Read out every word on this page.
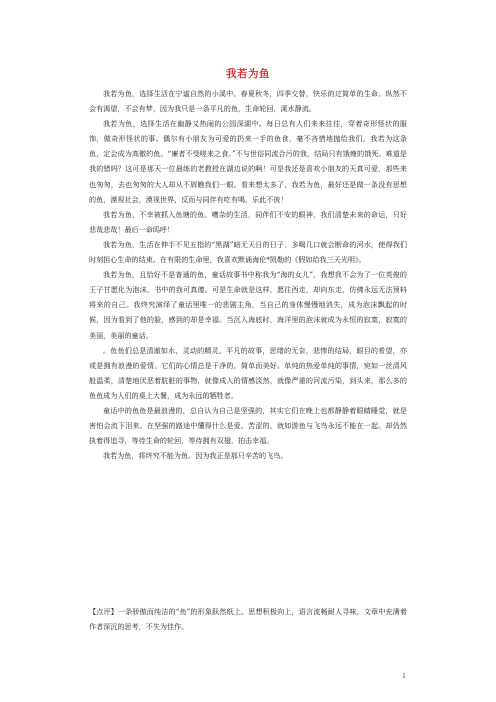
我若为鱼

我若为鱼，选择生活在宁谧自然的小溪中。春夏秋冬，四季交替，快乐的过简单的生命。纵然不会有渴望，不会有梦，因为我只是一条平凡的鱼，生命轮回，溪水静流。

我若为鱼，选择生活在幽静又热闹的公园深湖中。每日总有人们来来往往，穿着奇形怪状的服饰，做奇形怪状的事。偶尔有小朋友为可爱的扔来一手的鱼食，毫不吝惜地抛给我们。我若为这条鱼，定会成为高傲的鱼。“廉者不受嗟来之食。”不与世俗同流合污的我，结局只有饿瘦的饿死。难道是我的错吗？这可是那天一位晨练的老教授在湖边说的啊！可是我还是喜欢小朋友的天真可爱，那些来也匆匆，去也匆匆的大人却从不屑瞧我们一眼。看来想太多了，我若为鱼，最好还是做一条没有思想的鱼，漠视社会，漠视世界，反而与同伴有吃有喝，乐此不彼！

我若为鱼，不幸被抓入鱼塘的鱼。嘈杂的生活，同伴们不安的眼神，我们清楚未来的命运，只好悲哉悲哉！最后一命呜呼！

我若为鱼，生活在伸手不见五指的“黑湖”暗无天日的日子，多喝几口就会断命的河水，使得我们时刻担心生命的结束。在有限的生命里，我喜欢默诵海伦*凯勒的《假如给我三天光明》。

我若为鱼，且恰好不是普通的鱼，童话故事书中称我为“海的女儿”，我想我不会为了一位英俊的王子甘愿化为泡沫，书中的我可真傻。可是生命就是这样，愿往西走，却向东走，仿佛永远无法预料将来的自己。我终究演绎了童话里唯一的悲剧主角，当自己的身体慢慢地消失，成为泡沫飘起的时候，因为看到了他的脸，感到的却是幸福。当沉入海底时，海洋里的泡沫就成为永恒的寂寞，寂寞的美丽，美丽的童话。

。鱼鱼们总是清澈如水，灵动的精灵。平凡的故事，思绪的无奈，悲惨的结局，眼目的希望，亦或是拥有浪漫的爱情。它们的心情总是干净的，简单而美好。单纯的热爱单纯的事情，宛如一丝清风般温柔，清楚地厌恶着肮脏的事物，就像成人的情感淡然，就像严重的河流污染，到头来，那么多的鱼鱼成为人们的桌上大餐，成为永远的牺牲者。

童话中的鱼鱼是最浪漫的，总自认为自己是坚强的，其实它们在晚上也都静静着眼睛睡觉，就是害怕会流下泪来。在坚强的路途中懂得什么是爱。苦涩的，就如游鱼与飞鸟永远不能在一起。却仍然执着得追寻，等待生命的轮回，等待拥有双翅，拍击幸福。

我若为鱼，将终究不能为鱼。因为我正是那只辛苦的飞鸟。

【点评】一条骄傲而纯洁的“鱼”的形象跃然纸上。思想积极向上，语言流畅耐人寻味，文章中充满着作者深沉的思考，不失为佳作。

1
